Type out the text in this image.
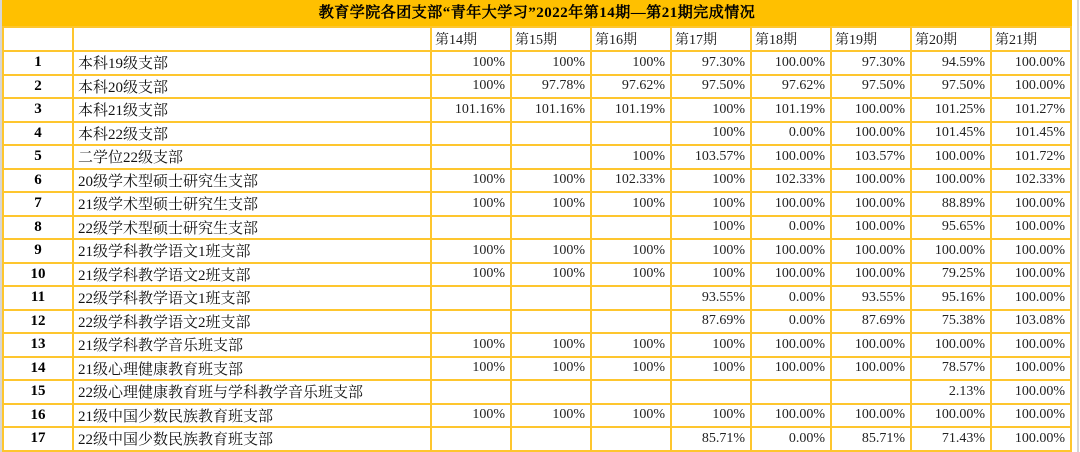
教育学院各团支部“青年大学习”2022年第14期—第21期完成情况
		第14期	第15期	第16期	第17期	第18期	第19期	第20期	第21期
1	本科19级支部	100%	100%	100%	97.30%	100.00%	97.30%	94.59%	100.00%
2	本科20级支部	100%	97.78%	97.62%	97.50%	97.62%	97.50%	97.50%	100.00%
3	本科21级支部	101.16%	101.16%	101.19%	100%	101.19%	100.00%	101.25%	101.27%
4	本科22级支部				100%	0.00%	100.00%	101.45%	101.45%
5	二学位22级支部			100%	103.57%	100.00%	103.57%	100.00%	101.72%
6	20级学术型硕士研究生支部	100%	100%	102.33%	100%	102.33%	100.00%	100.00%	102.33%
7	21级学术型硕士研究生支部	100%	100%	100%	100%	100.00%	100.00%	88.89%	100.00%
8	22级学术型硕士研究生支部				100%	0.00%	100.00%	95.65%	100.00%
9	21级学科教学语文1班支部	100%	100%	100%	100%	100.00%	100.00%	100.00%	100.00%
10	21级学科教学语文2班支部	100%	100%	100%	100%	100.00%	100.00%	79.25%	100.00%
11	22级学科教学语文1班支部				93.55%	0.00%	93.55%	95.16%	100.00%
12	22级学科教学语文2班支部				87.69%	0.00%	87.69%	75.38%	103.08%
13	21级学科教学音乐班支部	100%	100%	100%	100%	100.00%	100.00%	100.00%	100.00%
14	21级心理健康教育班支部	100%	100%	100%	100%	100.00%	100.00%	78.57%	100.00%
15	22级心理健康教育班与学科教学音乐班支部							2.13%	100.00%
16	21级中国少数民族教育班支部	100%	100%	100%	100%	100.00%	100.00%	100.00%	100.00%
17	22级中国少数民族教育班支部				85.71%	0.00%	85.71%	71.43%	100.00%
